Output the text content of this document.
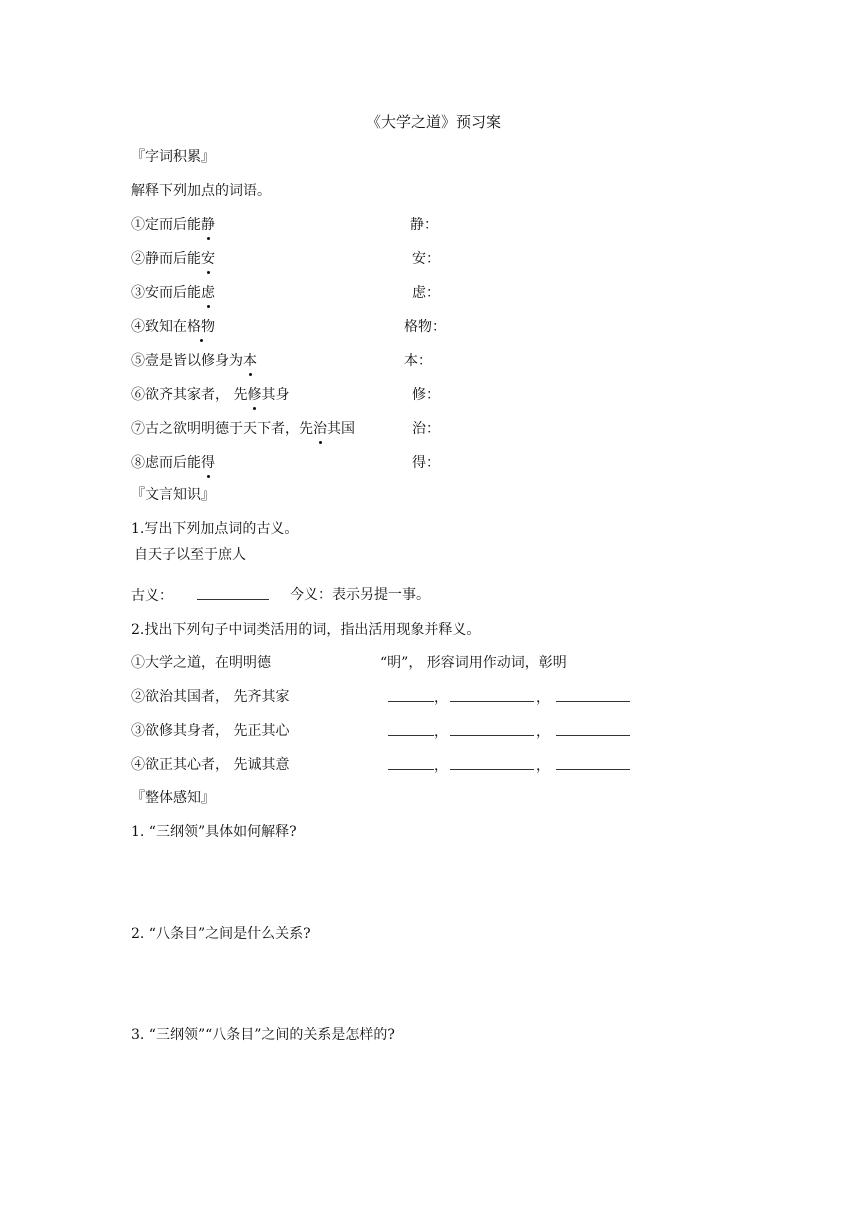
《大学之道》预习案
『字词积累』
解释下列加点的词语。
①定而后能静	静：
②静而后能安	安：
③安而后能虑	虑：
④致知在格物	格物：
⑤壹是皆以修身为本	本：
⑥欲齐其家者， 先修其身	修：
⑦古之欲明明德于天下者，先治其国	治：
⑧虑而后能得	得：
『文言知识』
1.写出下列加点词的古义。
自天子以至于庶人
古义：	今义：表示另提一事。
2.找出下列句子中词类活用的词，指出活用现象并释义。
①大学之道，在明明德	“明”， 形容词用作动词，彰明
②欲治其国者， 先齐其家	，	，
③欲修其身者， 先正其心	，	，
④欲正其心者， 先诚其意	，	，
『整体感知』
1. “三纲领”具体如何解释?
2. “八条目”之间是什么关系?
3. “三纲领”“八条目”之间的关系是怎样的?
